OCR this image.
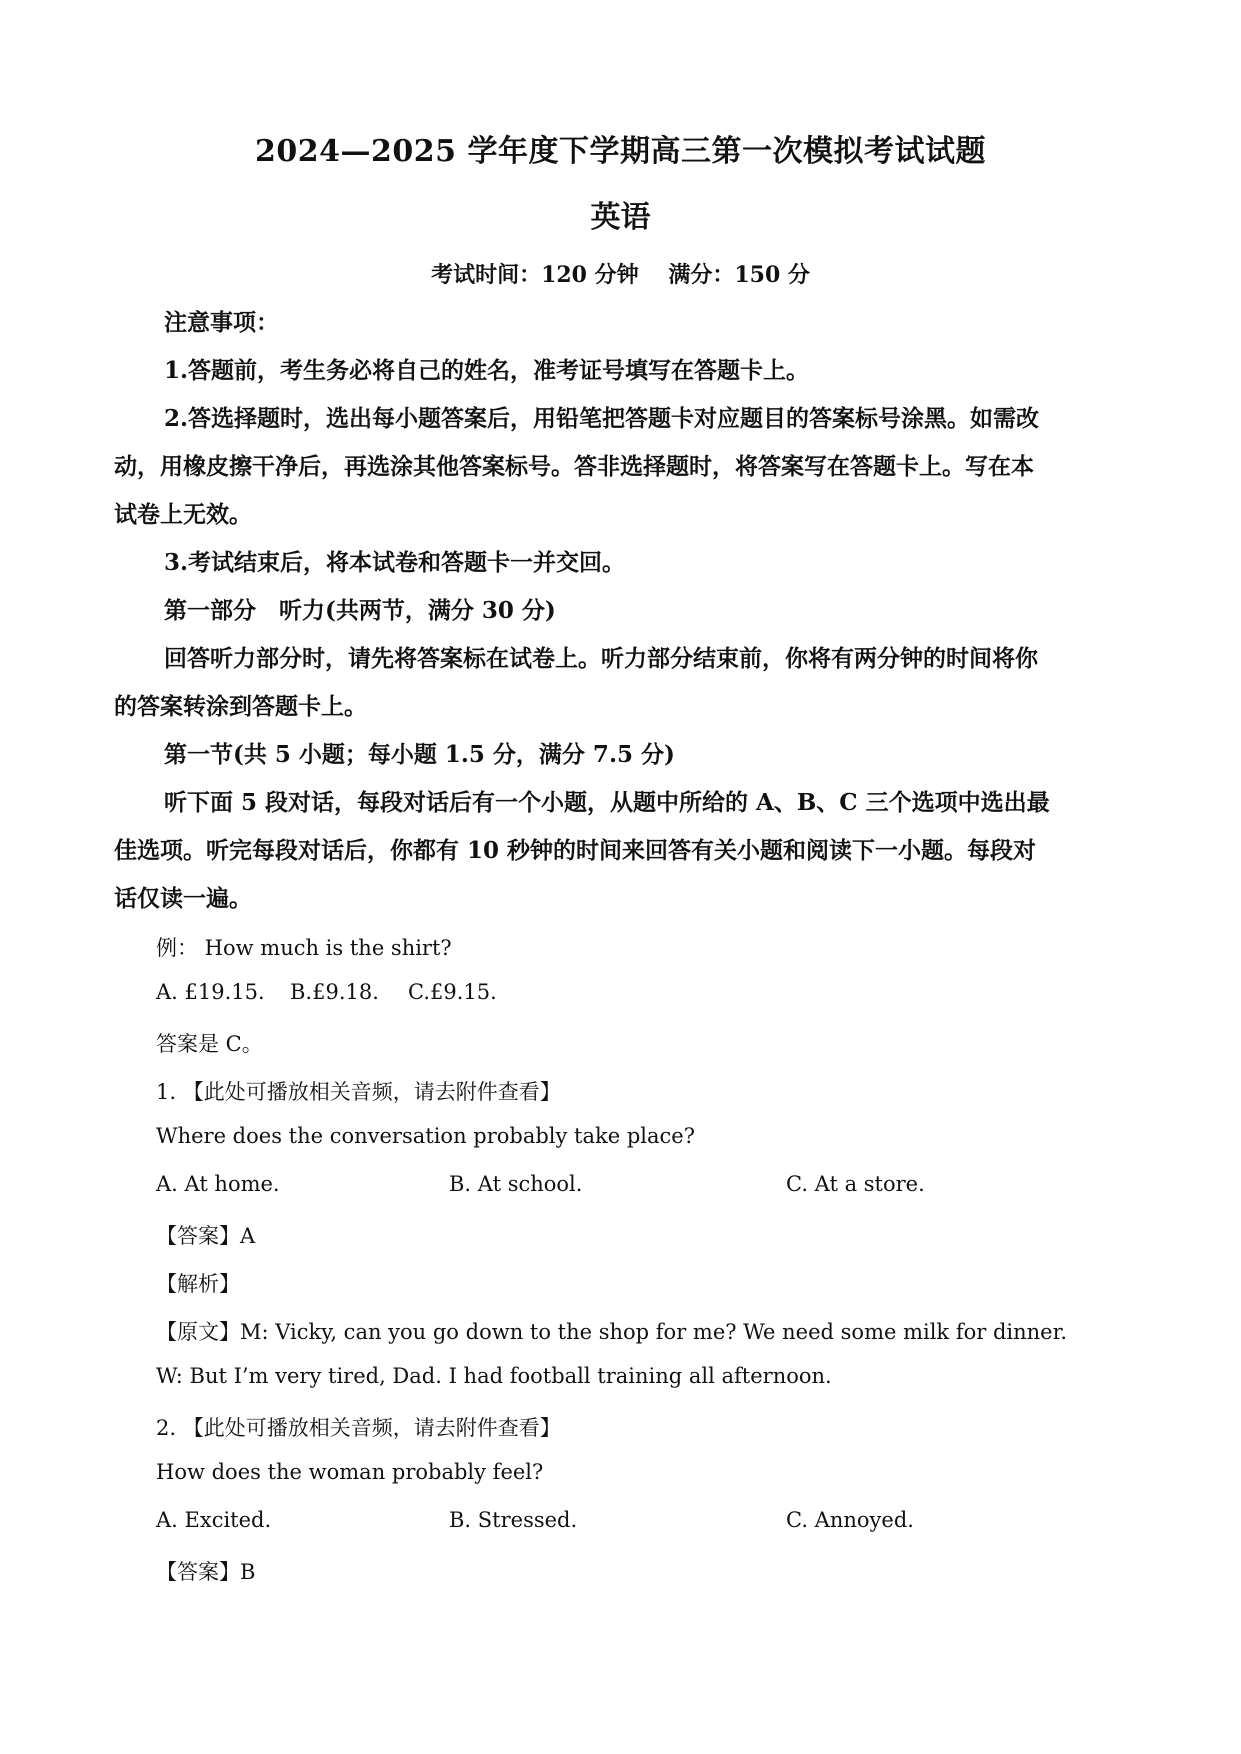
2024—2025 学年度下学期高三第一次模拟考试试题
英语
考试时间：120 分钟 满分：150 分
注意事项：
1.答题前，考生务必将自己的姓名，准考证号填写在答题卡上。
2.答选择题时，选出每小题答案后，用铅笔把答题卡对应题目的答案标号涂黑。如需改
动，用橡皮擦干净后，再选涂其他答案标号。答非选择题时，将答案写在答题卡上。写在本
试卷上无效。
3.考试结束后，将本试卷和答题卡一并交回。
第一部分　听力(共两节，满分 30 分)
回答听力部分时，请先将答案标在试卷上。听力部分结束前，你将有两分钟的时间将你
的答案转涂到答题卡上。
第一节(共 5 小题；每小题 1.5 分，满分 7.5 分)
听下面 5 段对话，每段对话后有一个小题，从题中所给的 A、B、C 三个选项中选出最
佳选项。听完每段对话后，你都有 10 秒钟的时间来回答有关小题和阅读下一小题。每段对
话仅读一遍。
例： How much is the shirt?
A. £19.15. B.£9.18. C.£9.15.
答案是 C。
1. 【此处可播放相关音频，请去附件查看】
Where does the conversation probably take place?
A. At home.	B. At school.	C. At a store.
【答案】A
【解析】
【原文】M: Vicky, can you go down to the shop for me? We need some milk for dinner.
W: But I’m very tired, Dad. I had football training all afternoon.
2. 【此处可播放相关音频，请去附件查看】
How does the woman probably feel?
A. Excited.	B. Stressed.	C. Annoyed.
【答案】B
